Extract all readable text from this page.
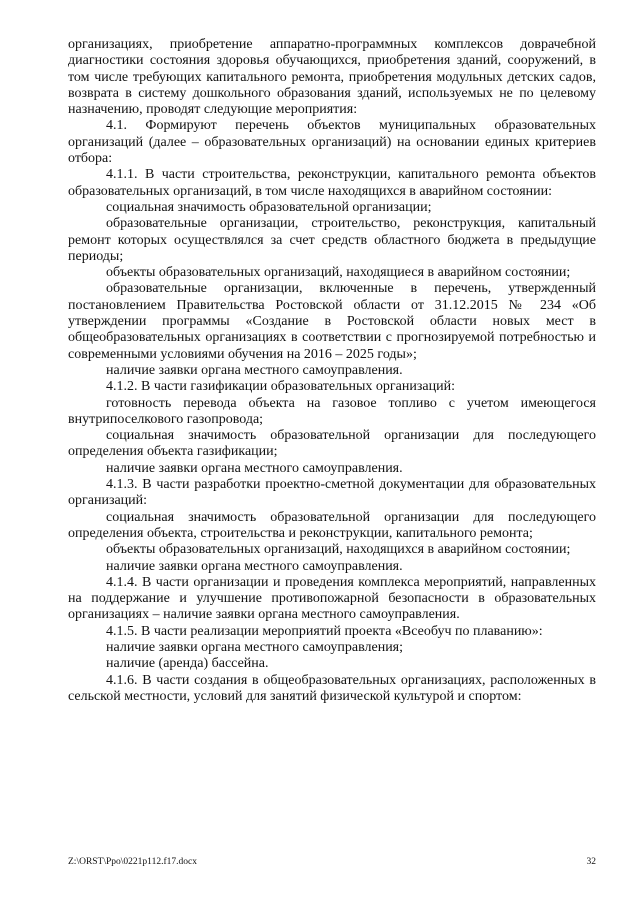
организациях, приобретение аппаратно-программных комплексов доврачебной диагностики состояния здоровья обучающихся, приобретения зданий, сооружений, в том числе требующих капитального ремонта, приобретения модульных детских садов, возврата в систему дошкольного образования зданий, используемых не по целевому назначению, проводят следующие мероприятия:

4.1. Формируют перечень объектов муниципальных образовательных организаций (далее – образовательных организаций) на основании единых критериев отбора:

4.1.1. В части строительства, реконструкции, капитального ремонта объектов образовательных организаций, в том числе находящихся в аварийном состоянии:

социальная значимость образовательной организации;

образовательные организации, строительство, реконструкция, капитальный ремонт которых осуществлялся за счет средств областного бюджета в предыдущие периоды;

объекты образовательных организаций, находящиеся в аварийном состоянии;

образовательные организации, включенные в перечень, утвержденный постановлением Правительства Ростовской области от 31.12.2015 № 234 «Об утверждении программы «Создание в Ростовской области новых мест в общеобразовательных организациях в соответствии с прогнозируемой потребностью и современными условиями обучения на 2016 – 2025 годы»;

наличие заявки органа местного самоуправления.

4.1.2. В части газификации образовательных организаций:

готовность перевода объекта на газовое топливо с учетом имеющегося внутрипоселкового газопровода;

социальная значимость образовательной организации для последующего определения объекта газификации;

наличие заявки органа местного самоуправления.

4.1.3. В части разработки проектно-сметной документации для образовательных организаций:

социальная значимость образовательной организации для последующего определения объекта, строительства и реконструкции, капитального ремонта;

объекты образовательных организаций, находящихся в аварийном состоянии;

наличие заявки органа местного самоуправления.

4.1.4. В части организации и проведения комплекса мероприятий, направленных на поддержание и улучшение противопожарной безопасности в образовательных организациях – наличие заявки органа местного самоуправления.

4.1.5. В части реализации мероприятий проекта «Всеобуч по плаванию»:

наличие заявки органа местного самоуправления;

наличие (аренда) бассейна.

4.1.6. В части создания в общеобразовательных организациях, расположенных в сельской местности, условий для занятий физической культурой и спортом:

Z:\ORST\Ppo\0221p112.f17.docx	32
